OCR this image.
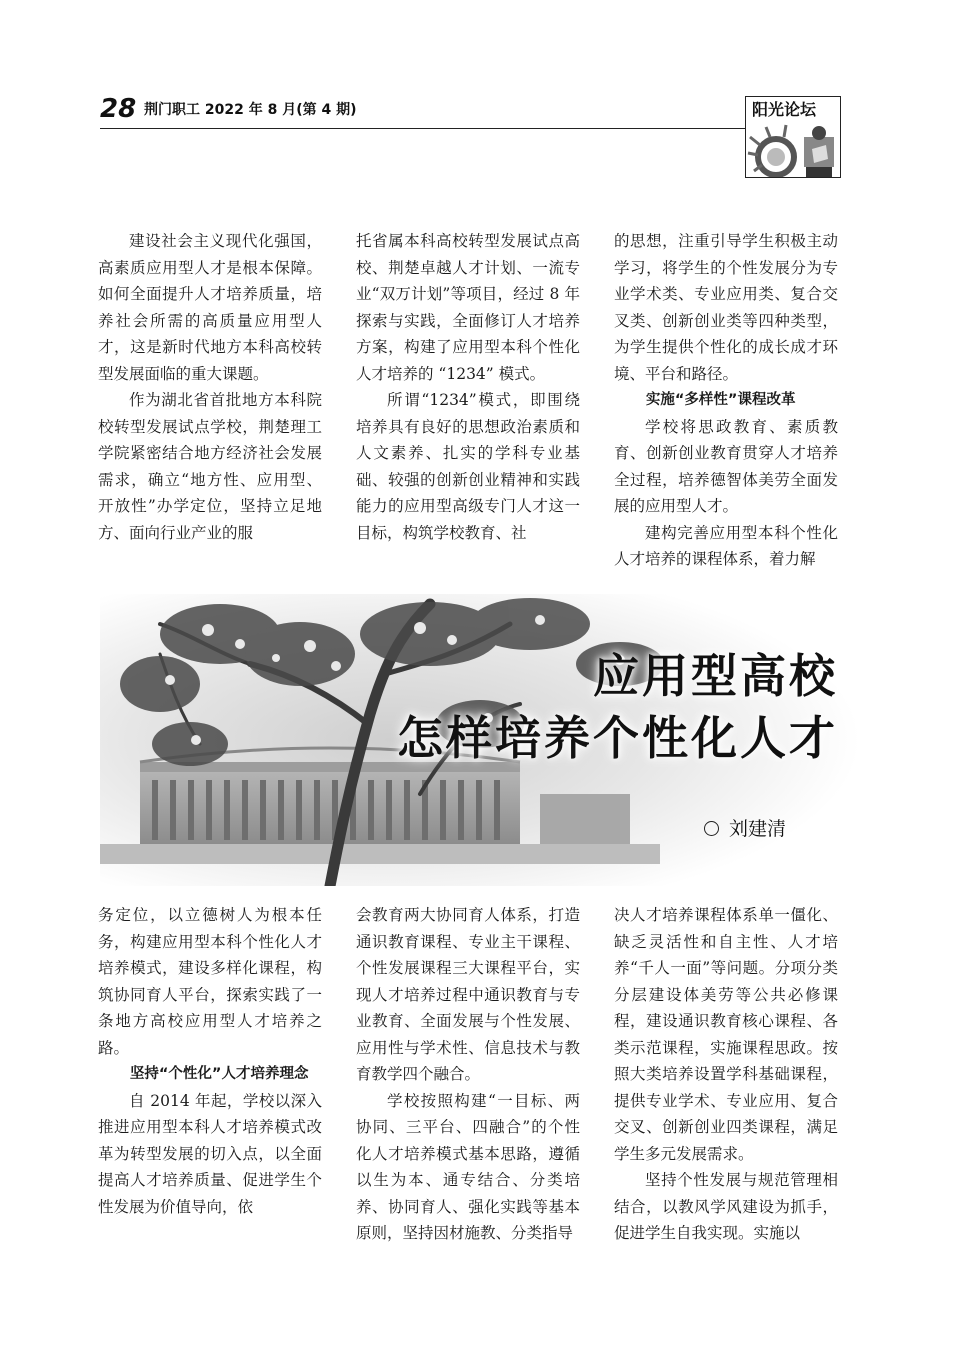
28 荆门职工 2022 年 8 月(第 4 期)	阳光论坛

建设社会主义现代化强国，高素质应用型人才是根本保障。如何全面提升人才培养质量，培养社会所需的高质量应用型人才，这是新时代地方本科高校转型发展面临的重大课题。

作为湖北省首批地方本科院校转型发展试点学校，荆楚理工学院紧密结合地方经济社会发展需求，确立“地方性、应用型、开放性”办学定位，坚持立足地方、面向行业产业的服

托省属本科高校转型发展试点高校、荆楚卓越人才计划、一流专业“双万计划”等项目，经过 8 年探索与实践，全面修订人才培养方案，构建了应用型本科个性化人才培养的 “1234” 模式。

所谓“1234”模式，即围绕培养具有良好的思想政治素质和人文素养、扎实的学科专业基础、较强的创新创业精神和实践能力的应用型高级专门人才这一目标，构筑学校教育、社

的思想，注重引导学生积极主动学习，将学生的个性发展分为专业学术类、专业应用类、复合交叉类、创新创业类等四种类型，为学生提供个性化的成长成才环境、平台和路径。

实施“多样性”课程改革

学校将思政教育、素质教育、创新创业教育贯穿人才培养全过程，培养德智体美劳全面发展的应用型人才。

建构完善应用型本科个性化人才培养的课程体系，着力解

应用型高校
怎样培养个性化人才
刘建清

务定位，以立德树人为根本任务，构建应用型本科个性化人才培养模式，建设多样化课程，构筑协同育人平台，探索实践了一条地方高校应用型人才培养之路。

坚持“个性化”人才培养理念

自 2014 年起，学校以深入推进应用型本科人才培养模式改革为转型发展的切入点，以全面提高人才培养质量、促进学生个性发展为价值导向，依

会教育两大协同育人体系，打造通识教育课程、专业主干课程、个性发展课程三大课程平台，实现人才培养过程中通识教育与专业教育、全面发展与个性发展、应用性与学术性、信息技术与教育教学四个融合。

学校按照构建“一目标、两协同、三平台、四融合”的个性化人才培养模式基本思路，遵循以生为本、通专结合、分类培养、协同育人、强化实践等基本原则，坚持因材施教、分类指导

决人才培养课程体系单一僵化、缺乏灵活性和自主性、人才培养“千人一面”等问题。分项分类分层建设体美劳等公共必修课程，建设通识教育核心课程、各类示范课程，实施课程思政。按照大类培养设置学科基础课程，提供专业学术、专业应用、复合交叉、创新创业四类课程，满足学生多元发展需求。

坚持个性发展与规范管理相结合，以教风学风建设为抓手，促进学生自我实现。实施以
